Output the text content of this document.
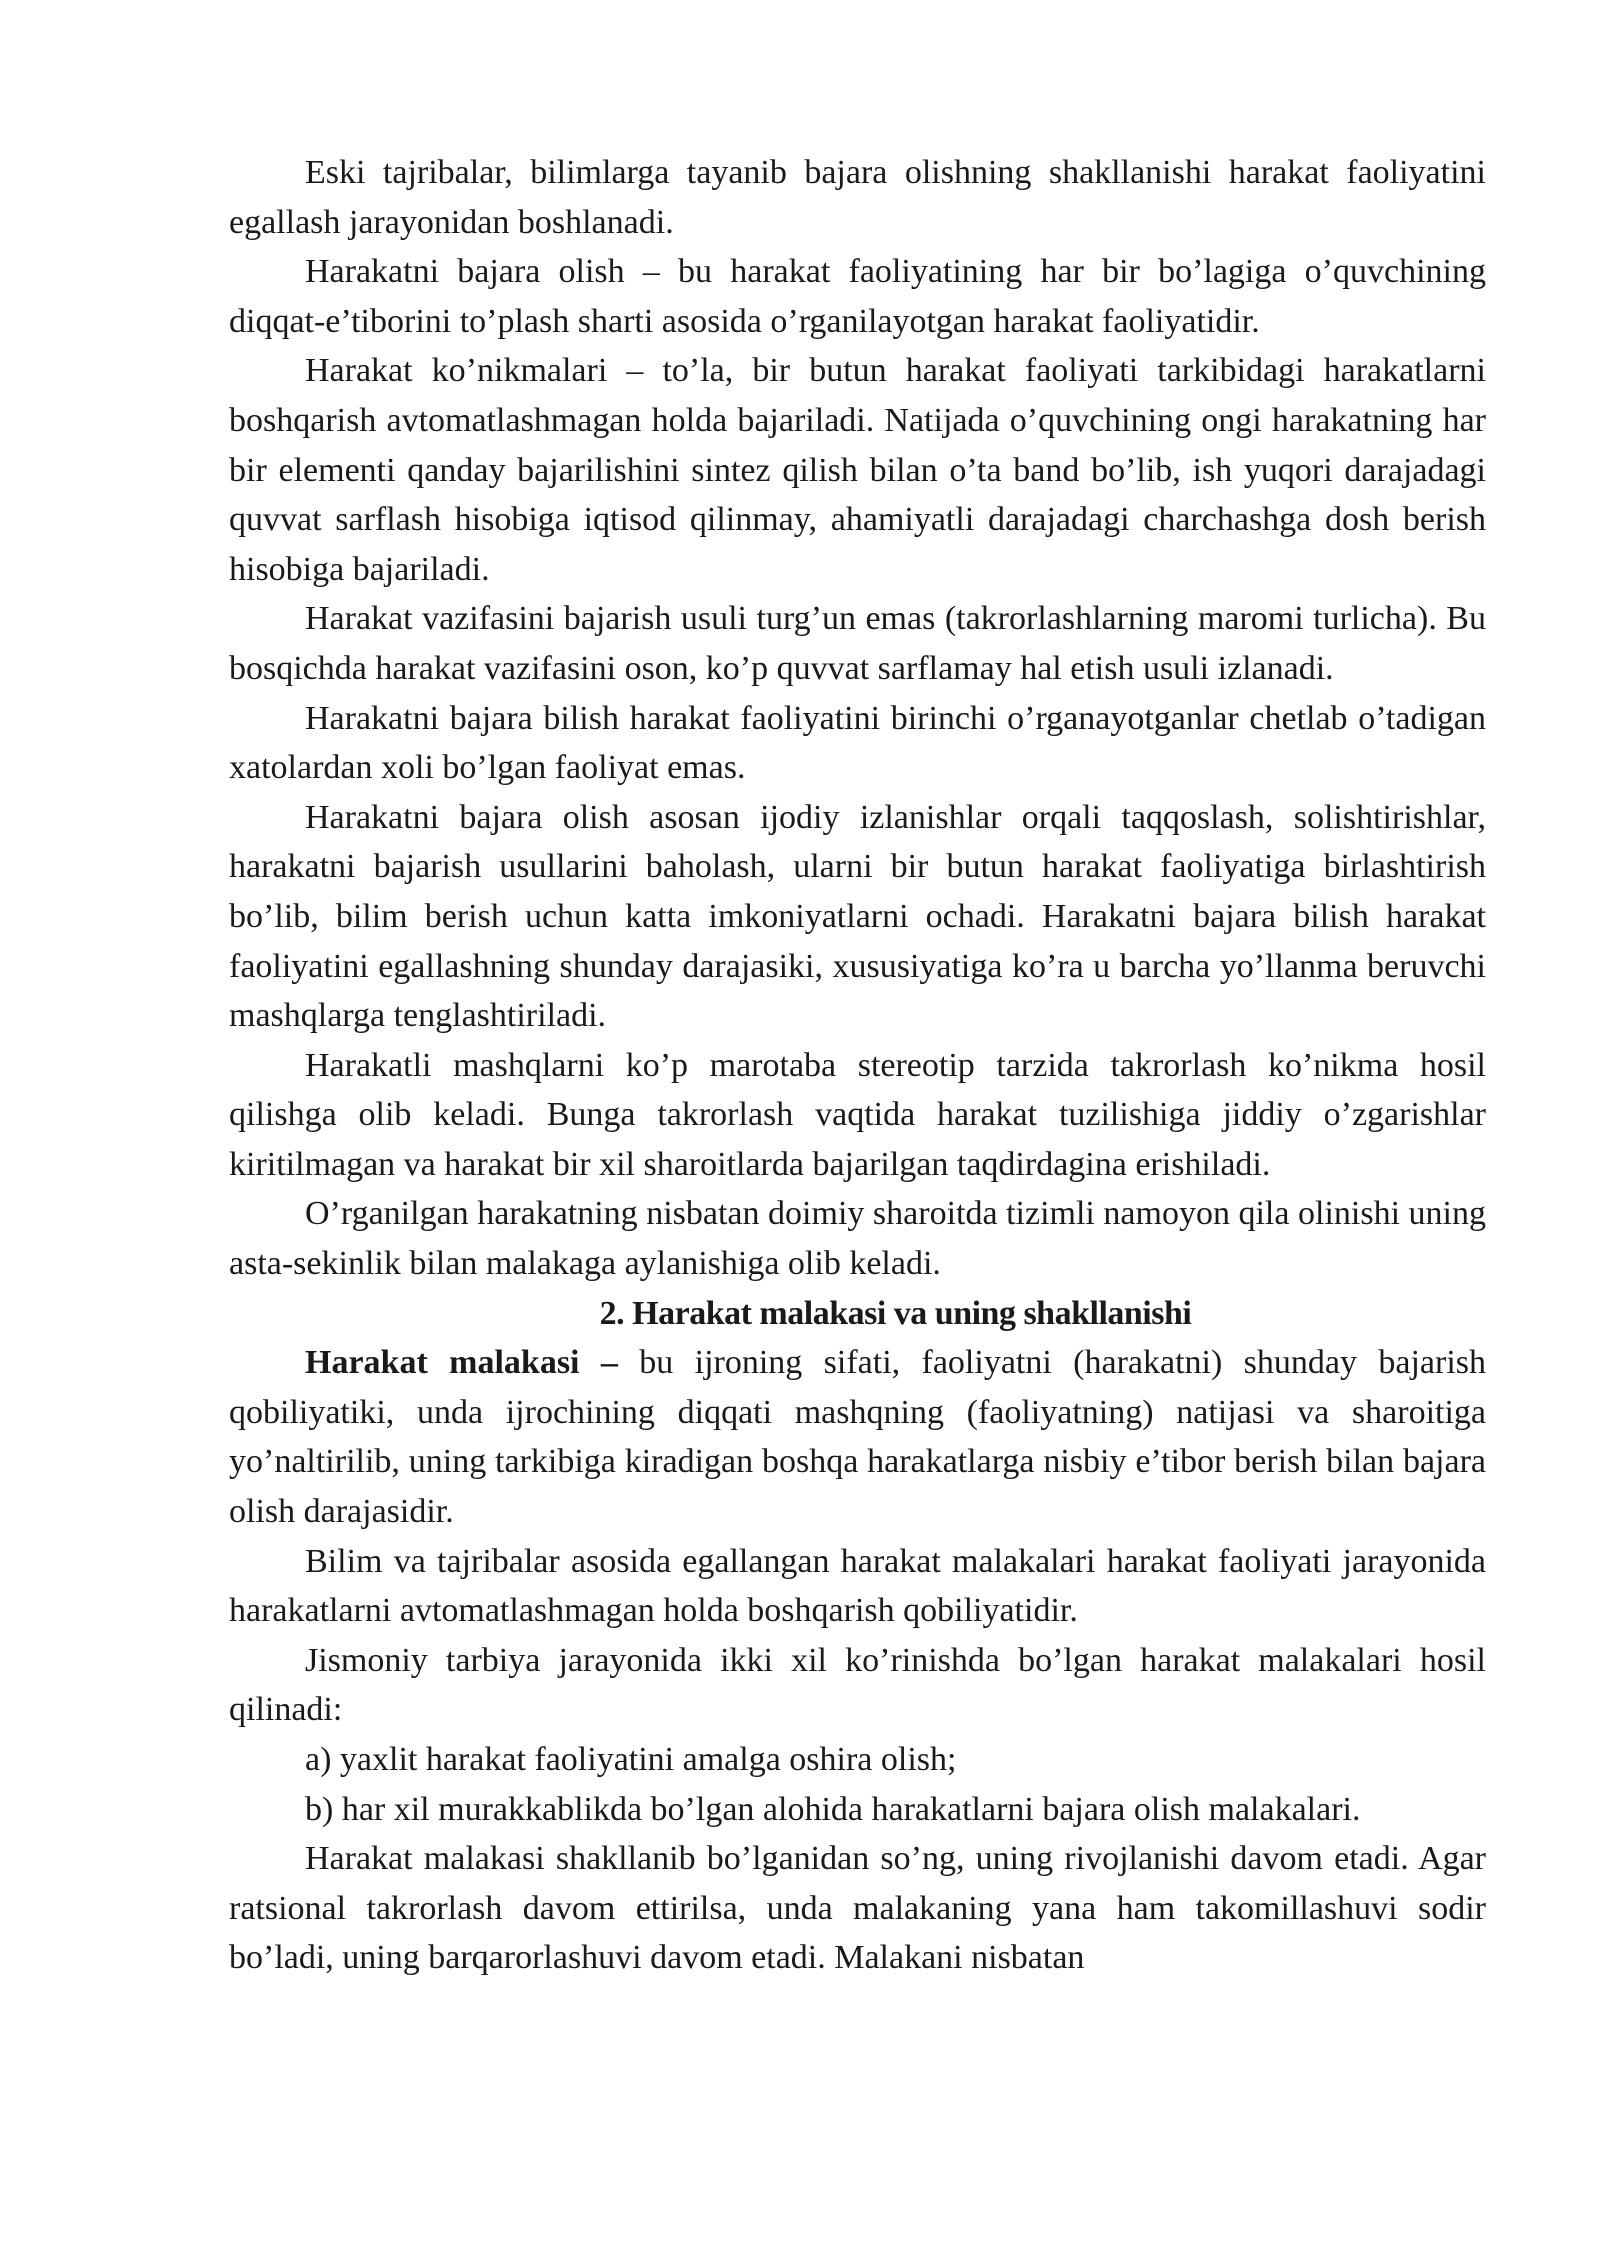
Eski tajribalar, bilimlarga tayanib bajara olishning shakllanishi harakat faoliyatini egallash jarayonidan boshlanadi.

Harakatni bajara olish – bu harakat faoliyatining har bir bo’lagiga o’quvchining diqqat-e’tiborini to’plash sharti asosida o’rganilayotgan harakat faoliyatidir.

Harakat ko’nikmalari – to’la, bir butun harakat faoliyati tarkibidagi harakatlarni boshqarish avtomatlashmagan holda bajariladi. Natijada o’quvchining ongi harakatning har bir elementi qanday bajarilishini sintez qilish bilan o’ta band bo’lib, ish yuqori darajadagi quvvat sarflash hisobiga iqtisod qilinmay, ahamiyatli darajadagi charchashga dosh berish hisobiga bajariladi.

Harakat vazifasini bajarish usuli turg’un emas (takrorlashlarning maromi turlicha). Bu bosqichda harakat vazifasini oson, ko’p quvvat sarflamay hal etish usuli izlanadi.

Harakatni bajara bilish harakat faoliyatini birinchi o’rganayotganlar chetlab o’tadigan xatolardan xoli bo’lgan faoliyat emas.

Harakatni bajara olish asosan ijodiy izlanishlar orqali taqqoslash, solishtirishlar, harakatni bajarish usullarini baholash, ularni bir butun harakat faoliyatiga birlashtirish bo’lib, bilim berish uchun katta imkoniyatlarni ochadi. Harakatni bajara bilish harakat faoliyatini egallashning shunday darajasiki, xususiyatiga ko’ra u barcha yo’llanma beruvchi mashqlarga tenglashtiriladi.

Harakatli mashqlarni ko’p marotaba stereotip tarzida takrorlash ko’nikma hosil qilishga olib keladi. Bunga takrorlash vaqtida harakat tuzilishiga jiddiy o’zgarishlar kiritilmagan va harakat bir xil sharoitlarda bajarilgan taqdirdagina erishiladi.

O’rganilgan harakatning nisbatan doimiy sharoitda tizimli namoyon qila olinishi uning asta-sekinlik bilan malakaga aylanishiga olib keladi.

2. Harakat malakasi va uning shakllanishi

Harakat malakasi – bu ijroning sifati, faoliyatni (harakatni) shunday bajarish qobiliyatiki, unda ijrochining diqqati mashqning (faoliyatning) natijasi va sharoitiga yo’naltirilib, uning tarkibiga kiradigan boshqa harakatlarga nisbiy e’tibor berish bilan bajara olish darajasidir.

Bilim va tajribalar asosida egallangan harakat malakalari harakat faoliyati jarayonida harakatlarni avtomatlashmagan holda boshqarish qobiliyatidir.

Jismoniy tarbiya jarayonida ikki xil ko’rinishda bo’lgan harakat malakalari hosil qilinadi:

a) yaxlit harakat faoliyatini amalga oshira olish;

b) har xil murakkablikda bo’lgan alohida harakatlarni bajara olish malakalari.

Harakat malakasi shakllanib bo’lganidan so’ng, uning rivojlanishi davom etadi. Agar ratsional takrorlash davom ettirilsa, unda malakaning yana ham takomillashuvi sodir bo’ladi, uning barqarorlashuvi davom etadi. Malakani nisbatan
